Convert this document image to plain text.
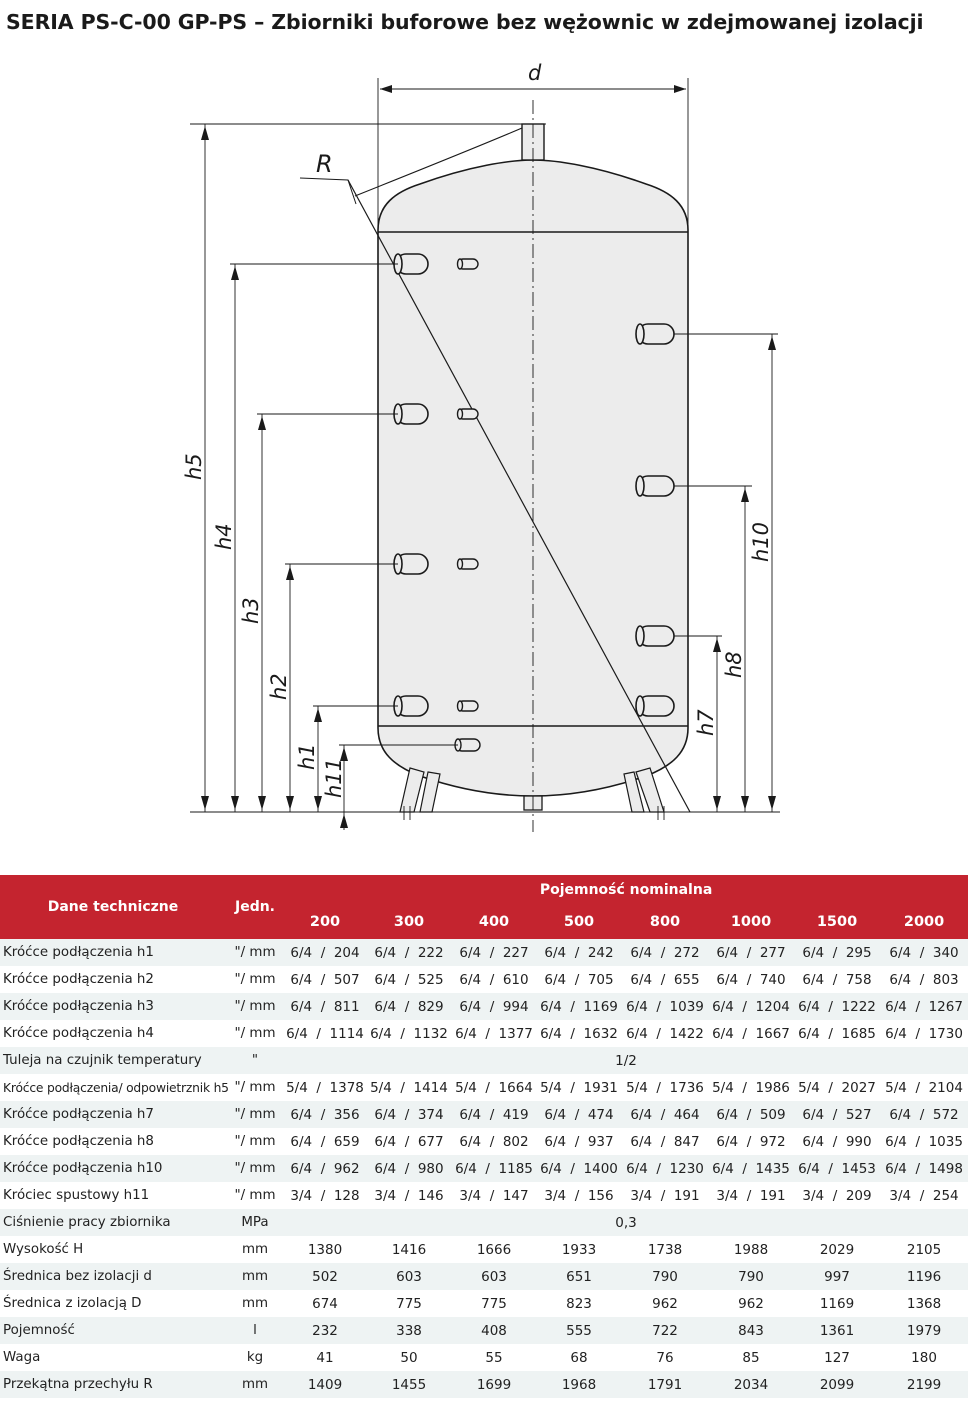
SERIA PS-C-00 GP-PS – Zbiorniki buforowe bez wężownic w zdejmowanej izolacji
d
R
h5
h4
h3
h2
h1
h11
h10
h8
h7
Dane techniczne	Jedn.	Pojemność nominalna							
		200	300	400	500	800	1000	1500	2000
Króćce podłączenia h1	"/ mm	6/4  /  204	6/4  /  222	6/4  /  227	6/4  /  242	6/4  /  272	6/4  /  277	6/4  /  295	6/4  /  340
Króćce podłączenia h2	"/ mm	6/4  /  507	6/4  /  525	6/4  /  610	6/4  /  705	6/4  /  655	6/4  /  740	6/4  /  758	6/4  /  803
Króćce podłączenia h3	"/ mm	6/4  /  811	6/4  /  829	6/4  /  994	6/4  /  1169	6/4  /  1039	6/4  /  1204	6/4  /  1222	6/4  /  1267
Króćce podłączenia h4	"/ mm	6/4  /  1114	6/4  /  1132	6/4  /  1377	6/4  /  1632	6/4  /  1422	6/4  /  1667	6/4  /  1685	6/4  /  1730
Tuleja na czujnik temperatury	"	1/2							
Króćce podłączenia/ odpowietrznik h5	"/ mm	5/4  /  1378	5/4  /  1414	5/4  /  1664	5/4  /  1931	5/4  /  1736	5/4  /  1986	5/4  /  2027	5/4  /  2104
Króćce podłączenia h7	"/ mm	6/4  /  356	6/4  /  374	6/4  /  419	6/4  /  474	6/4  /  464	6/4  /  509	6/4  /  527	6/4  /  572
Króćce podłączenia h8	"/ mm	6/4  /  659	6/4  /  677	6/4  /  802	6/4  /  937	6/4  /  847	6/4  /  972	6/4  /  990	6/4  /  1035
Króćce podłączenia h10	"/ mm	6/4  /  962	6/4  /  980	6/4  /  1185	6/4  /  1400	6/4  /  1230	6/4  /  1435	6/4  /  1453	6/4  /  1498
Króciec spustowy h11	"/ mm	3/4  /  128	3/4  /  146	3/4  /  147	3/4  /  156	3/4  /  191	3/4  /  191	3/4  /  209	3/4  /  254
Ciśnienie pracy zbiornika	MPa	0,3							
Wysokość H	mm	1380	1416	1666	1933	1738	1988	2029	2105
Średnica bez izolacji d	mm	502	603	603	651	790	790	997	1196
Średnica z izolacją D	mm	674	775	775	823	962	962	1169	1368
Pojemność	l	232	338	408	555	722	843	1361	1979
Waga	kg	41	50	55	68	76	85	127	180
Przekątna przechyłu R	mm	1409	1455	1699	1968	1791	2034	2099	2199
